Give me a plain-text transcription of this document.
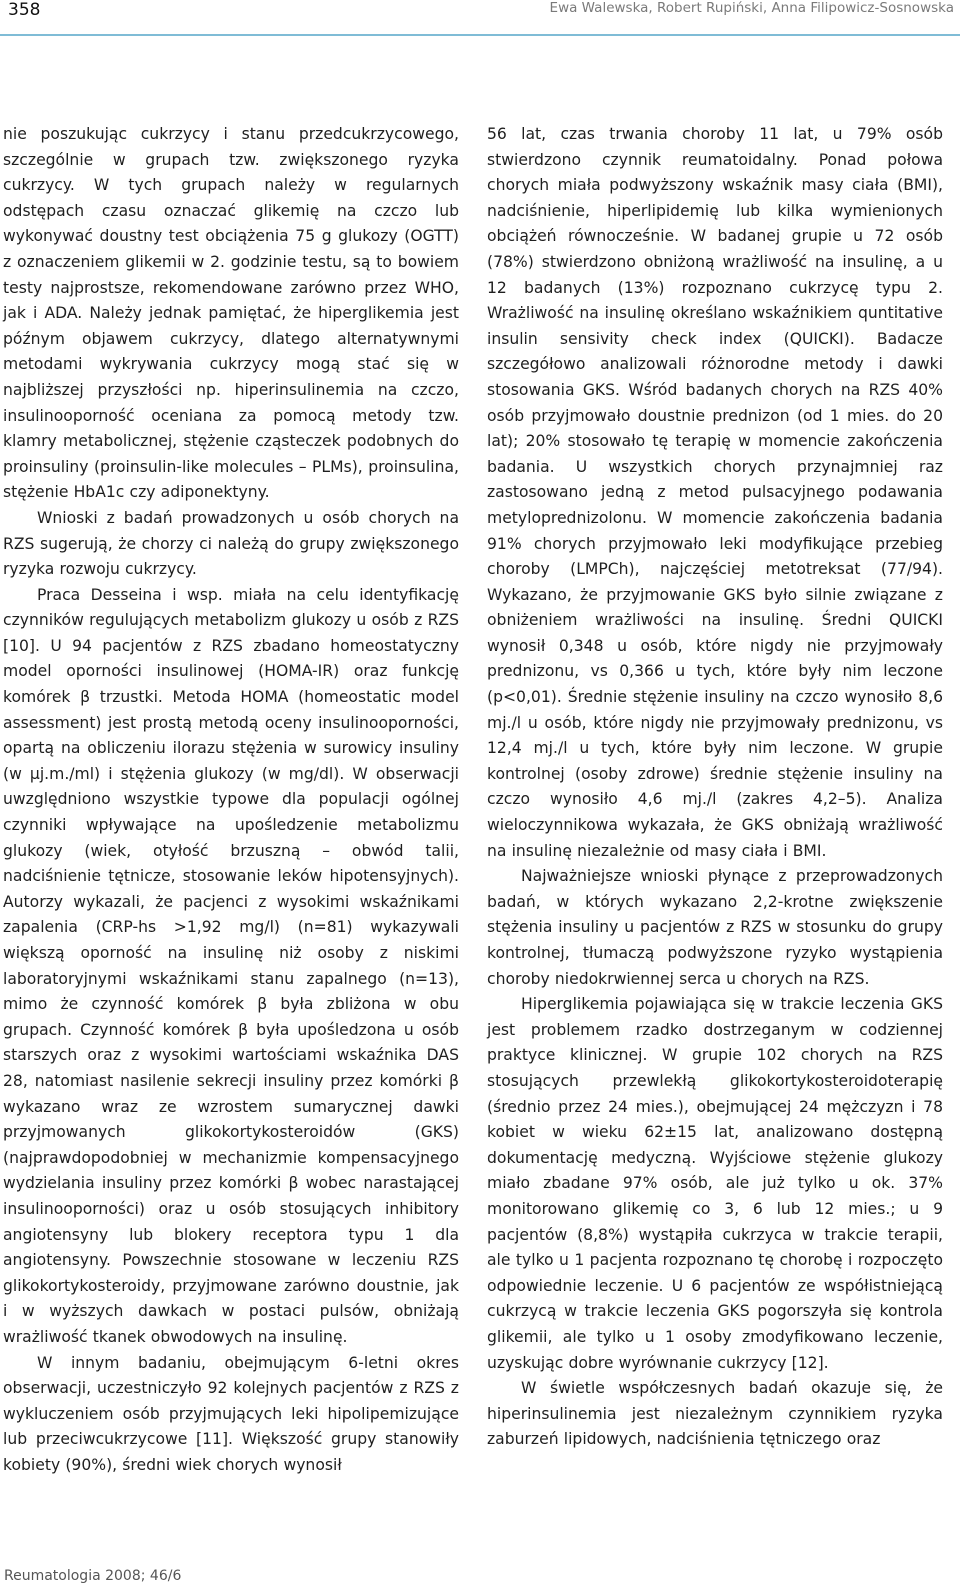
358	Ewa Walewska, Robert Rupiński, Anna Filipowicz-Sosnowska

nie poszukując cukrzycy i stanu przedcukrzycowego, szczególnie w grupach tzw. zwiększonego ryzyka cukrzycy. W tych grupach należy w regularnych odstępach czasu oznaczać glikemię na czczo lub wykonywać doustny test obciążenia 75 g glukozy (OGTT) z oznaczeniem glikemii w 2. godzinie testu, są to bowiem testy najprostsze, rekomendowane zarówno przez WHO, jak i ADA. Należy jednak pamiętać, że hiperglikemia jest późnym objawem cukrzycy, dlatego alternatywnymi metodami wykrywania cukrzycy mogą stać się w najbliższej przyszłości np. hiperinsulinemia na czczo, insulinooporność oceniana za pomocą metody tzw. klamry metabolicznej, stężenie cząsteczek podobnych do proinsuliny (proinsulin-like molecules – PLMs), proinsulina, stężenie HbA1c czy adiponektyny.

Wnioski z badań prowadzonych u osób chorych na RZS sugerują, że chorzy ci należą do grupy zwiększonego ryzyka rozwoju cukrzycy.

Praca Desseina i wsp. miała na celu identyfikację czynników regulujących metabolizm glukozy u osób z RZS [10]. U 94 pacjentów z RZS zbadano homeostatyczny model oporności insulinowej (HOMA-IR) oraz funkcję komórek β trzustki. Metoda HOMA (homeostatic model assessment) jest prostą metodą oceny insulinooporności, opartą na obliczeniu ilorazu stężenia w surowicy insuliny (w μj.m./ml) i stężenia glukozy (w mg/dl). W obserwacji uwzględniono wszystkie typowe dla populacji ogólnej czynniki wpływające na upośledzenie metabolizmu glukozy (wiek, otyłość brzuszną – obwód talii, nadciśnienie tętnicze, stosowanie leków hipotensyjnych). Autorzy wykazali, że pacjenci z wysokimi wskaźnikami zapalenia (CRP-hs >1,92 mg/l) (n=81) wykazywali większą oporność na insulinę niż osoby z niskimi laboratoryjnymi wskaźnikami stanu zapalnego (n=13), mimo że czynność komórek β była zbliżona w obu grupach. Czynność komórek β była upośledzona u osób starszych oraz z wysokimi wartościami wskaźnika DAS 28, natomiast nasilenie sekrecji insuliny przez komórki β wykazano wraz ze wzrostem sumarycznej dawki przyjmowanych glikokortykosteroidów (GKS) (najprawdopodobniej w mechanizmie kompensacyjnego wydzielania insuliny przez komórki β wobec narastającej insulinooporności) oraz u osób stosujących inhibitory angiotensyny lub blokery receptora typu 1 dla angiotensyny. Powszechnie stosowane w leczeniu RZS glikokortykosteroidy, przyjmowane zarówno doustnie, jak i w wyższych dawkach w postaci pulsów, obniżają wrażliwość tkanek obwodowych na insulinę.

W innym badaniu, obejmującym 6-letni okres obserwacji, uczestniczyło 92 kolejnych pacjentów z RZS z wykluczeniem osób przyjmujących leki hipolipemizujące lub przeciwcukrzycowe [11]. Większość grupy stanowiły kobiety (90%), średni wiek chorych wynosił

56 lat, czas trwania choroby 11 lat, u 79% osób stwierdzono czynnik reumatoidalny. Ponad połowa chorych miała podwyższony wskaźnik masy ciała (BMI), nadciśnienie, hiperlipidemię lub kilka wymienionych obciążeń równocześnie. W badanej grupie u 72 osób (78%) stwierdzono obniżoną wrażliwość na insulinę, a u 12 badanych (13%) rozpoznano cukrzycę typu 2. Wrażliwość na insulinę określano wskaźnikiem quntitative insulin sensivity check index (QUICKI). Badacze szczegółowo analizowali różnorodne metody i dawki stosowania GKS. Wśród badanych chorych na RZS 40% osób przyjmowało doustnie prednizon (od 1 mies. do 20 lat); 20% stosowało tę terapię w momencie zakończenia badania. U wszystkich chorych przynajmniej raz zastosowano jedną z metod pulsacyjnego podawania metyloprednizolonu. W momencie zakończenia badania 91% chorych przyjmowało leki modyfikujące przebieg choroby (LMPCh), najczęściej metotreksat (77/94). Wykazano, że przyjmowanie GKS było silnie związane z obniżeniem wrażliwości na insulinę. Średni QUICKI wynosił 0,348 u osób, które nigdy nie przyjmowały prednizonu, vs 0,366 u tych, które były nim leczone (p<0,01). Średnie stężenie insuliny na czczo wynosiło 8,6 mj./l u osób, które nigdy nie przyjmowały prednizonu, vs 12,4 mj./l u tych, które były nim leczone. W grupie kontrolnej (osoby zdrowe) średnie stężenie insuliny na czczo wynosiło 4,6 mj./l (zakres 4,2–5). Analiza wieloczynnikowa wykazała, że GKS obniżają wrażliwość na insulinę niezależnie od masy ciała i BMI.

Najważniejsze wnioski płynące z przeprowadzonych badań, w których wykazano 2,2-krotne zwiększenie stężenia insuliny u pacjentów z RZS w stosunku do grupy kontrolnej, tłumaczą podwyższone ryzyko wystąpienia choroby niedokrwiennej serca u chorych na RZS.

Hiperglikemia pojawiająca się w trakcie leczenia GKS jest problemem rzadko dostrzeganym w codziennej praktyce klinicznej. W grupie 102 chorych na RZS stosujących przewlekłą glikokortykosteroidoterapię (średnio przez 24 mies.), obejmującej 24 mężczyzn i 78 kobiet w wieku 62±15 lat, analizowano dostępną dokumentację medyczną. Wyjściowe stężenie glukozy miało zbadane 97% osób, ale już tylko u ok. 37% monitorowano glikemię co 3, 6 lub 12 mies.; u 9 pacjentów (8,8%) wystąpiła cukrzyca w trakcie terapii, ale tylko u 1 pacjenta rozpoznano tę chorobę i rozpoczęto odpowiednie leczenie. U 6 pacjentów ze współistniejącą cukrzycą w trakcie leczenia GKS pogorszyła się kontrola glikemii, ale tylko u 1 osoby zmodyfikowano leczenie, uzyskując dobre wyrównanie cukrzycy [12].

W świetle współczesnych badań okazuje się, że hiperinsulinemia jest niezależnym czynnikiem ryzyka zaburzeń lipidowych, nadciśnienia tętniczego oraz

Reumatologia 2008; 46/6
